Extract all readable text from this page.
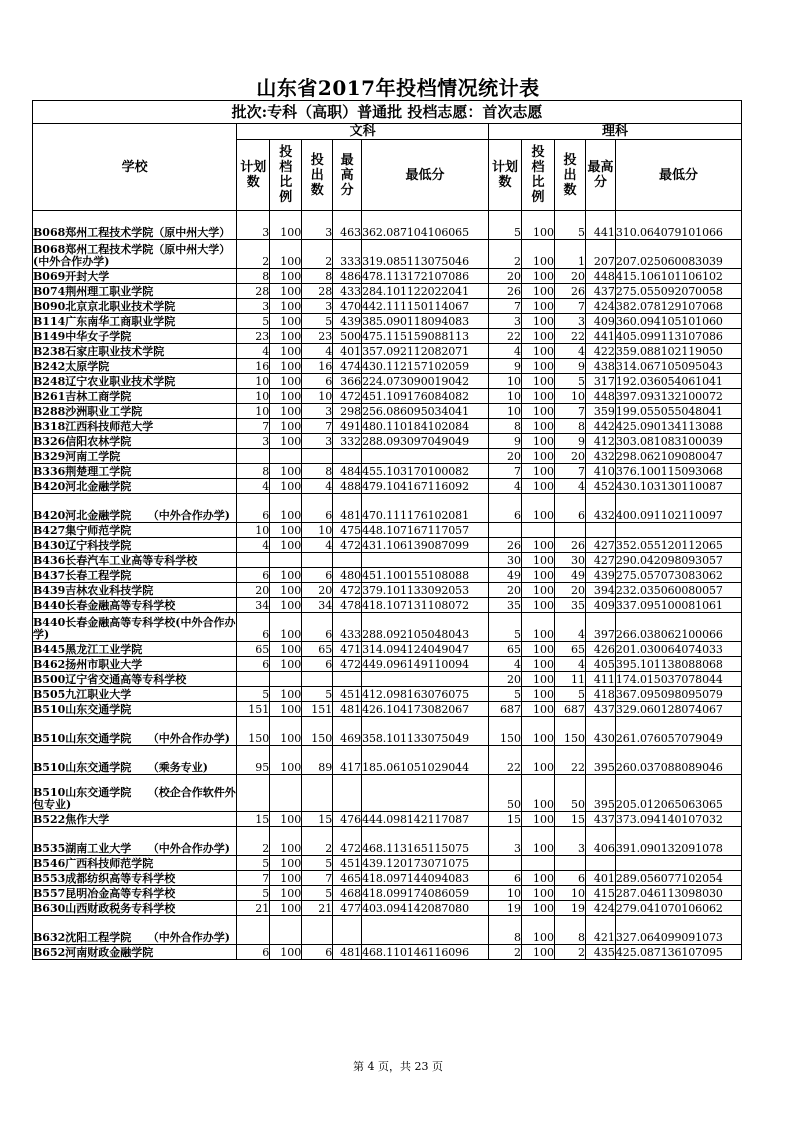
山东省2017年投档情况统计表
批次:专科（高职）普通批 投档志愿：首次志愿										
学校	文科					理科				
	计划数	投档比例	投出数	最高分	最低分	计划数	投档比例	投出数	最高分	最低分
B068郑州工程技术学院（原中州大学）	3	100	3	463	362.087104106065	5	100	5	441	310.064079101066
B068郑州工程技术学院（原中州大学）(中外合作办学)	2	100	2	333	319.085113075046	2	100	1	207	207.025060083039
B069开封大学	8	100	8	486	478.113172107086	20	100	20	448	415.106101106102
B074荆州理工职业学院	28	100	28	433	284.101122022041	26	100	26	437	275.055092070058
B090北京京北职业技术学院	3	100	3	470	442.111150114067	7	100	7	424	382.078129107068
B114广东南华工商职业学院	5	100	5	439	385.090118094083	3	100	3	409	360.094105101060
B149中华女子学院	23	100	23	500	475.115159088113	22	100	22	441	405.099113107086
B238石家庄职业技术学院	4	100	4	401	357.092112082071	4	100	4	422	359.088102119050
B242太原学院	16	100	16	474	430.112157102059	9	100	9	438	314.067105095043
B248辽宁农业职业技术学院	10	100	6	366	224.073090019042	10	100	5	317	192.036054061041
B261吉林工商学院	10	100	10	472	451.109176084082	10	100	10	448	397.093132100072
B288沙洲职业工学院	10	100	3	298	256.086095034041	10	100	7	359	199.055055048041
B318江西科技师范大学	7	100	7	491	480.110184102084	8	100	8	442	425.090134113088
B326信阳农林学院	3	100	3	332	288.093097049049	9	100	9	412	303.081083100039
B329河南工学院						20	100	20	432	298.062109080047
B336荆楚理工学院	8	100	8	484	455.103170100082	7	100	7	410	376.100115093068
B420河北金融学院	4	100	4	488	479.104167116092	4	100	4	452	430.103130110087
B420河北金融学院　　（中外合作办学)	6	100	6	481	470.111176102081	6	100	6	432	400.091102110097
B427集宁师范学院	10	100	10	475	448.107167117057					
B430辽宁科技学院	4	100	4	472	431.106139087099	26	100	26	427	352.055120112065
B436长春汽车工业高等专科学校						30	100	30	427	290.042098093057
B437长春工程学院	6	100	6	480	451.100155108088	49	100	49	439	275.057073083062
B439吉林农业科技学院	20	100	20	472	379.101133092053	20	100	20	394	232.035060080057
B440长春金融高等专科学校	34	100	34	478	418.107131108072	35	100	35	409	337.095100081061
B440长春金融高等专科学校(中外合作办学)	6	100	6	433	288.092105048043	5	100	4	397	266.038062100066
B445黑龙江工业学院	65	100	65	471	314.094124049047	65	100	65	426	201.030064074033
B462扬州市职业大学	6	100	6	472	449.096149110094	4	100	4	405	395.101138088068
B500辽宁省交通高等专科学校						20	100	11	411	174.015037078044
B505九江职业大学	5	100	5	451	412.098163076075	5	100	5	418	367.095098095079
B510山东交通学院	151	100	151	481	426.104173082067	687	100	687	437	329.060128074067
B510山东交通学院　　（中外合作办学)	150	100	150	469	358.101133075049	150	100	150	430	261.076057079049
B510山东交通学院　　（乘务专业)	95	100	89	417	185.061051029044	22	100	22	395	260.037088089046
B510山东交通学院　　（校企合作软件外包专业)						50	100	50	395	205.012065063065
B522焦作大学	15	100	15	476	444.098142117087	15	100	15	437	373.094140107032
B535湖南工业大学　　（中外合作办学)	2	100	2	472	468.113165115075	3	100	3	406	391.090132091078
B546广西科技师范学院	5	100	5	451	439.120173071075					
B553成都纺织高等专科学校	7	100	7	465	418.097144094083	6	100	6	401	289.056077102054
B557昆明冶金高等专科学校	5	100	5	468	418.099174086059	10	100	10	415	287.046113098030
B630山西财政税务专科学校	21	100	21	477	403.094142087080	19	100	19	424	279.041070106062
B632沈阳工程学院　　（中外合作办学)						8	100	8	421	327.064099091073
B652河南财政金融学院	6	100	6	481	468.110146116096	2	100	2	435	425.087136107095
第 4 页，共 23 页
